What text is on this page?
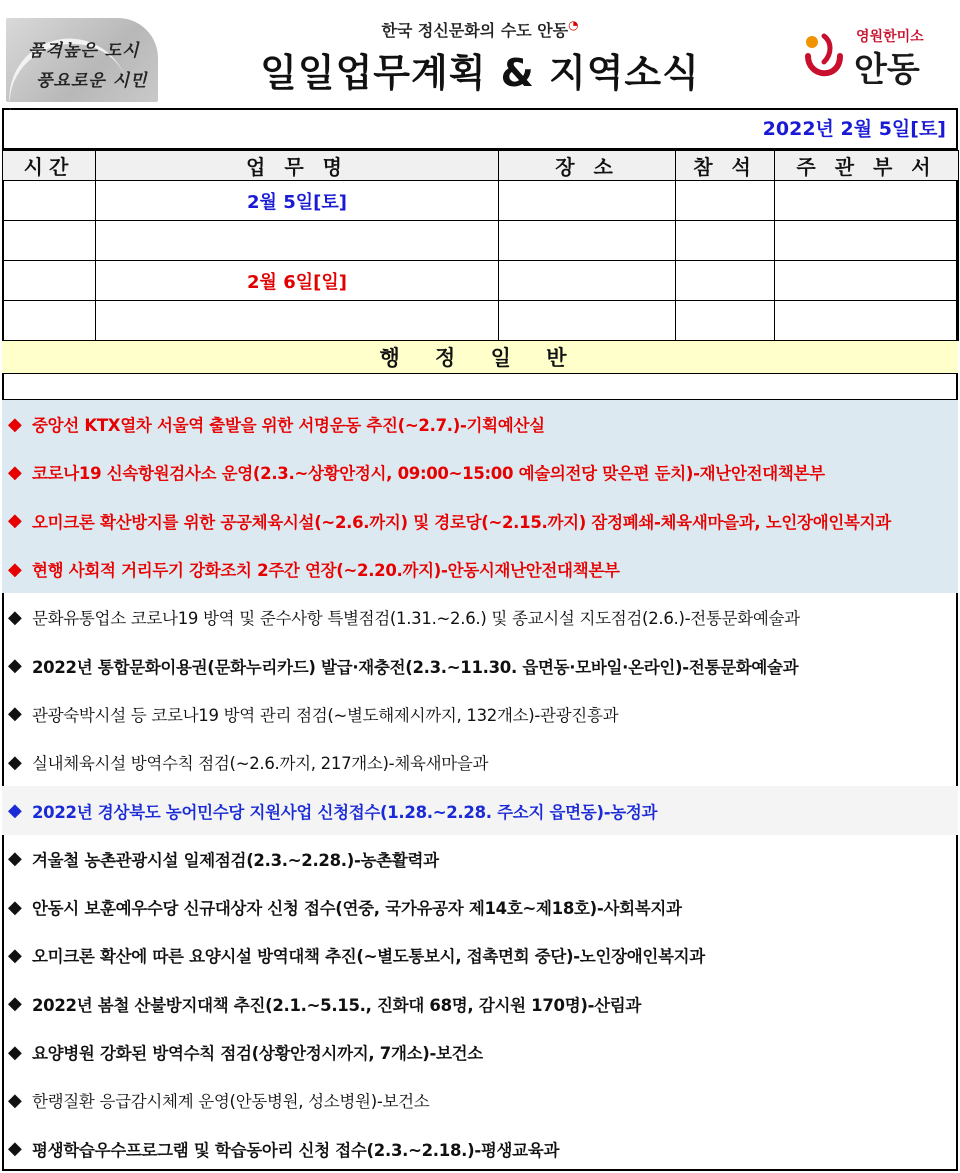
품격높은 도시
풍요로운 시민
한국 정신문화의 수도 안동◔
일일업무계획 & 지역소식
영원한미소
안동
2022년 2월 5일[토]
시간	업 무 명	장 소	참 석	주 관 부 서
	2월 5일[토]			

	2월 6일[일]			

행 정 일 반
◆ 중앙선 KTX열차 서울역 출발을 위한 서명운동 추진(~2.7.)-기획예산실
◆ 코로나19 신속항원검사소 운영(2.3.~상황안정시, 09:00~15:00 예술의전당 맞은편 둔치)-재난안전대책본부
◆ 오미크론 확산방지를 위한 공공체육시설(~2.6.까지) 및 경로당(~2.15.까지) 잠정폐쇄-체육새마을과, 노인장애인복지과
◆ 현행 사회적 거리두기 강화조치 2주간 연장(~2.20.까지)-안동시재난안전대책본부
◆ 문화유통업소 코로나19 방역 및 준수사항 특별점검(1.31.~2.6.) 및 종교시설 지도점검(2.6.)-전통문화예술과
◆ 2022년 통합문화이용권(문화누리카드) 발급·재충전(2.3.~11.30. 읍면동·모바일·온라인)-전통문화예술과
◆ 관광숙박시설 등 코로나19 방역 관리 점검(~별도해제시까지, 132개소)-관광진흥과
◆ 실내체육시설 방역수칙 점검(~2.6.까지, 217개소)-체육새마을과
◆ 2022년 경상북도 농어민수당 지원사업 신청접수(1.28.~2.28. 주소지 읍면동)-농정과
◆ 겨울철 농촌관광시설 일제점검(2.3.~2.28.)-농촌활력과
◆ 안동시 보훈예우수당 신규대상자 신청 접수(연중, 국가유공자 제14호~제18호)-사회복지과
◆ 오미크론 확산에 따른 요양시설 방역대책 추진(~별도통보시, 접촉면회 중단)-노인장애인복지과
◆ 2022년 봄철 산불방지대책 추진(2.1.~5.15., 진화대 68명, 감시원 170명)-산림과
◆ 요양병원 강화된 방역수칙 점검(상황안정시까지, 7개소)-보건소
◆ 한랭질환 응급감시체계 운영(안동병원, 성소병원)-보건소
◆ 평생학습우수프로그램 및 학습동아리 신청 접수(2.3.~2.18.)-평생교육과
